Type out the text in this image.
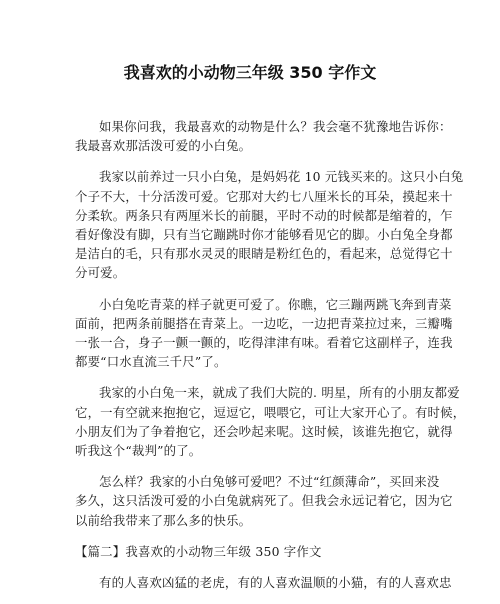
我喜欢的小动物三年级 350 字作文

如果你问我，我最喜欢的动物是什么？我会毫不犹豫地告诉你：
我最喜欢那活泼可爱的小白兔。

我家以前养过一只小白兔，是妈妈花 10 元钱买来的。这只小白兔
个子不大，十分活泼可爱。它那对大约七八厘米长的耳朵，摸起来十
分柔软。两条只有两厘米长的前腿，平时不动的时候都是缩着的，乍
看好像没有脚，只有当它蹦跳时你才能够看见它的脚。小白兔全身都
是洁白的毛，只有那水灵灵的眼睛是粉红色的，看起来，总觉得它十
分可爱。

小白兔吃青菜的样子就更可爱了。你瞧，它三蹦两跳飞奔到青菜
面前，把两条前腿搭在青菜上。一边吃，一边把青菜拉过来，三瓣嘴
一张一合，身子一颤一颤的，吃得津津有味。看着它这副样子，连我
都要“口水直流三千尺”了。

我家的小白兔一来，就成了我们大院的. 明星，所有的小朋友都爱
它，一有空就来抱抱它，逗逗它，喂喂它，可让大家开心了。有时候，
小朋友们为了争着抱它，还会吵起来呢。这时候，该谁先抱它，就得
听我这个“裁判”的了。

怎么样？我家的小白兔够可爱吧？不过“红颜薄命”，买回来没
多久，这只活泼可爱的小白兔就病死了。但我会永远记着它，因为它
以前给我带来了那么多的快乐。

【篇二】我喜欢的小动物三年级 350 字作文

有的人喜欢凶猛的老虎，有的人喜欢温顺的小猫，有的人喜欢忠
